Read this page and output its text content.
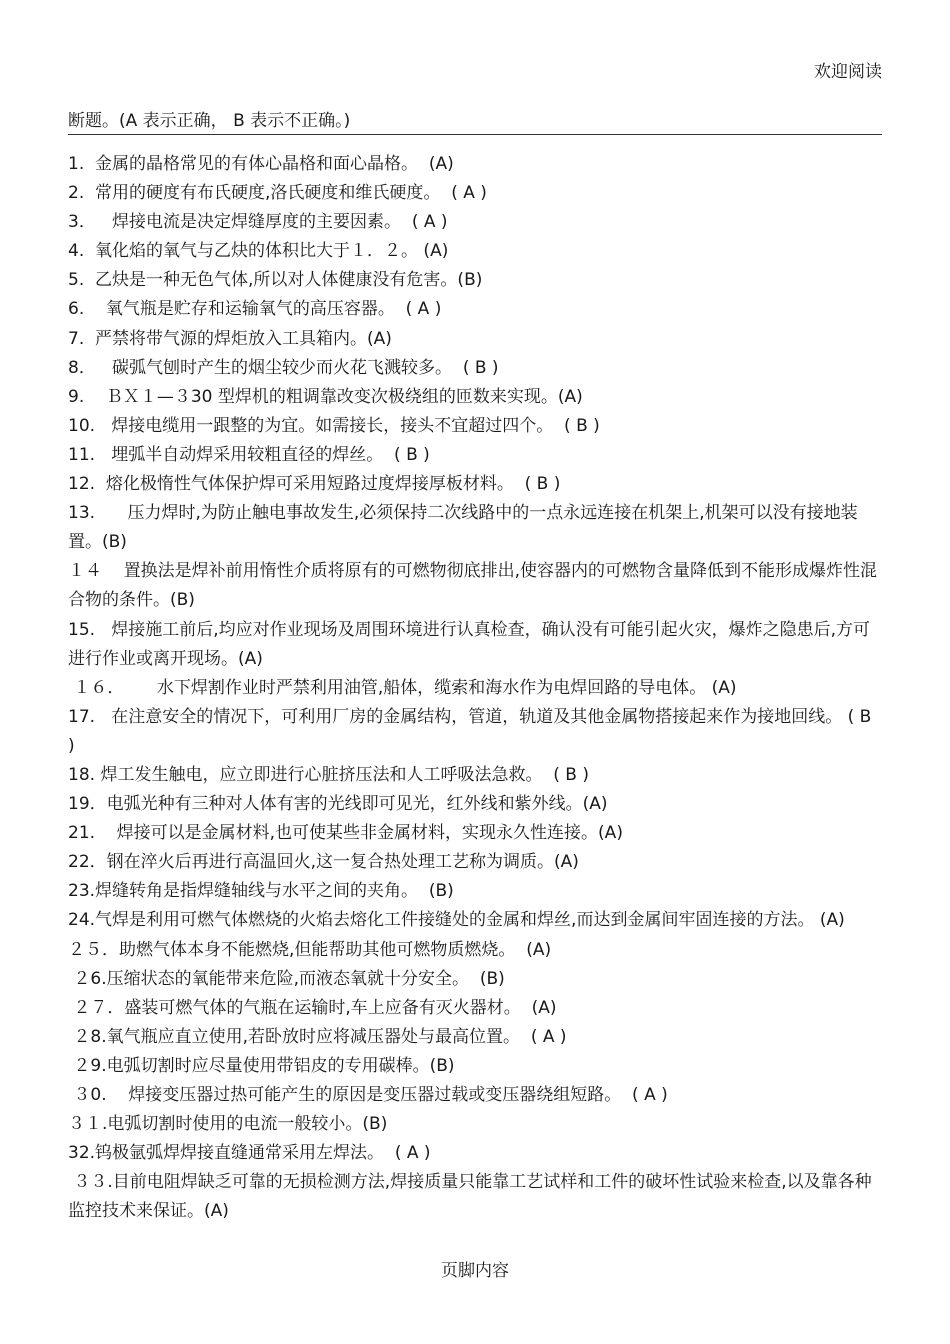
欢迎阅读
断题。(A 表示正确， B 表示不正确。)
1.  金属的晶格常见的有体心晶格和面心晶格。  (A)
2.  常用的硬度有布氏硬度,洛氏硬度和维氏硬度。  ( A )
3．   焊接电流是决定焊缝厚度的主要因素。  ( A )
4.  氧化焰的氧气与乙炔的体积比大于１．２。 (A)
5.  乙炔是一种无色气体,所以对人体健康没有危害。(B)
6.    氧气瓶是贮存和运输氧气的高压容器。  ( A )
7.  严禁将带气源的焊炬放入工具箱内。(A)
8．   碳弧气刨时产生的烟尘较少而火花飞溅较多。  ( B )
9.    ＢＸ１—３30 型焊机的粗调靠改变次极绕组的匝数来实现。(A)
10.   焊接电缆用一跟整的为宜。如需接长，接头不宜超过四个。  ( B )
11.   埋弧半自动焊采用较粗直径的焊丝。  ( B )
12.  熔化极惰性气体保护焊可采用短路过度焊接厚板材料。  ( B )
13.      压力焊时,为防止触电事故发生,必须保持二次线路中的一点永远连接在机架上,机架可以没有接地装置。(B)
１４    置换法是焊补前用惰性介质将原有的可燃物彻底排出,使容器内的可燃物含量降低到不能形成爆炸性混合物的条件。(B)
15.   焊接施工前后,均应对作业现场及周围环境进行认真检查，确认没有可能引起火灾，爆炸之隐患后,方可进行作业或离开现场。(A)
１６．      水下焊割作业时严禁利用油管,船体，缆索和海水作为电焊回路的导电体。 (A)
17.   在注意安全的情况下，可利用厂房的金属结构，管道，轨道及其他金属物搭接起来作为接地回线。 ( B )
18. 焊工发生触电，应立即进行心脏挤压法和人工呼吸法急救。  ( B )
19．电弧光种有三种对人体有害的光线即可见光，红外线和紫外线。(A)
21.    焊接可以是金属材料,也可使某些非金属材料，实现永久性连接。(A)
22．钢在淬火后再进行高温回火,这一复合热处理工艺称为调质。(A)
23.焊缝转角是指焊缝轴线与水平之间的夹角。  (B)
24.气焊是利用可燃气体燃烧的火焰去熔化工件接缝处的金属和焊丝,而达到金属间牢固连接的方法。 (A)
２５．助燃气体本身不能燃烧,但能帮助其他可燃物质燃烧。  (A)
２6.压缩状态的氧能带来危险,而液态氧就十分安全。  (B)
２７．盛装可燃气体的气瓶在运输时,车上应备有灭火器材。  (A)
２8.氧气瓶应直立使用,若卧放时应将减压器处与最高位置。  ( A )
２9.电弧切割时应尽量使用带铝皮的专用碳棒。(B)
３0.    焊接变压器过热可能产生的原因是变压器过载或变压器绕组短路。  ( A )
３１.电弧切割时使用的电流一般较小。(B)
32.钨极氩弧焊焊接直缝通常采用左焊法。  ( A )
３３.目前电阻焊缺乏可靠的无损检测方法,焊接质量只能靠工艺试样和工件的破坏性试验来检查,以及靠各种监控技术来保证。(A)
页脚内容
